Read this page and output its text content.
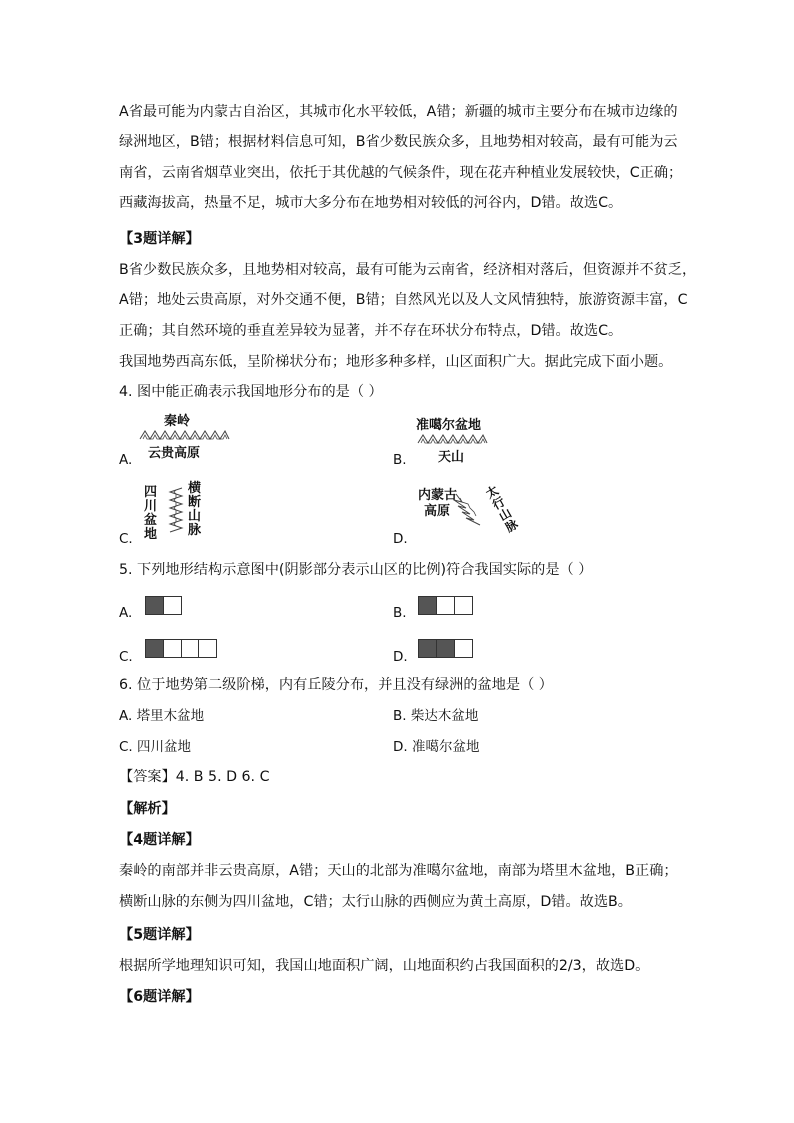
A省最可能为内蒙古自治区，其城市化水平较低，A错；新疆的城市主要分布在城市边缘的
绿洲地区，B错；根据材料信息可知，B省少数民族众多，且地势相对较高，最有可能为云
南省，云南省烟草业突出，依托于其优越的气候条件，现在花卉种植业发展较快，C正确；
西藏海拔高，热量不足，城市大多分布在地势相对较低的河谷内，D错。故选C。
【3题详解】
B省少数民族众多，且地势相对较高，最有可能为云南省，经济相对落后，但资源并不贫乏，
A错；地处云贵高原，对外交通不便，B错；自然风光以及人文风情独特，旅游资源丰富，C
正确；其自然环境的垂直差异较为显著，并不存在环状分布特点，D错。故选C。
我国地势西高东低，呈阶梯状分布；地形多种多样，山区面积广大。据此完成下面小题。
4. 图中能正确表示我国地形分布的是（ ）
A.	B.
C.	D.
秦岭
云贵高原
准噶尔盆地
天山
四川盆地
横断山脉
内蒙古
高原
太行山脉
5. 下列地形结构示意图中(阴影部分表示山区的比例)符合我国实际的是（ ）
A.	B.
C.	D.
6. 位于地势第二级阶梯，内有丘陵分布，并且没有绿洲的盆地是（ ）
A. 塔里木盆地	B. 柴达木盆地
C. 四川盆地	D. 准噶尔盆地
【答案】4. B 5. D 6. C
【解析】
【4题详解】
秦岭的南部并非云贵高原，A错；天山的北部为准噶尔盆地，南部为塔里木盆地，B正确；
横断山脉的东侧为四川盆地，C错；太行山脉的西侧应为黄土高原，D错。故选B。
【5题详解】
根据所学地理知识可知，我国山地面积广阔，山地面积约占我国面积的2/3，故选D。
【6题详解】
